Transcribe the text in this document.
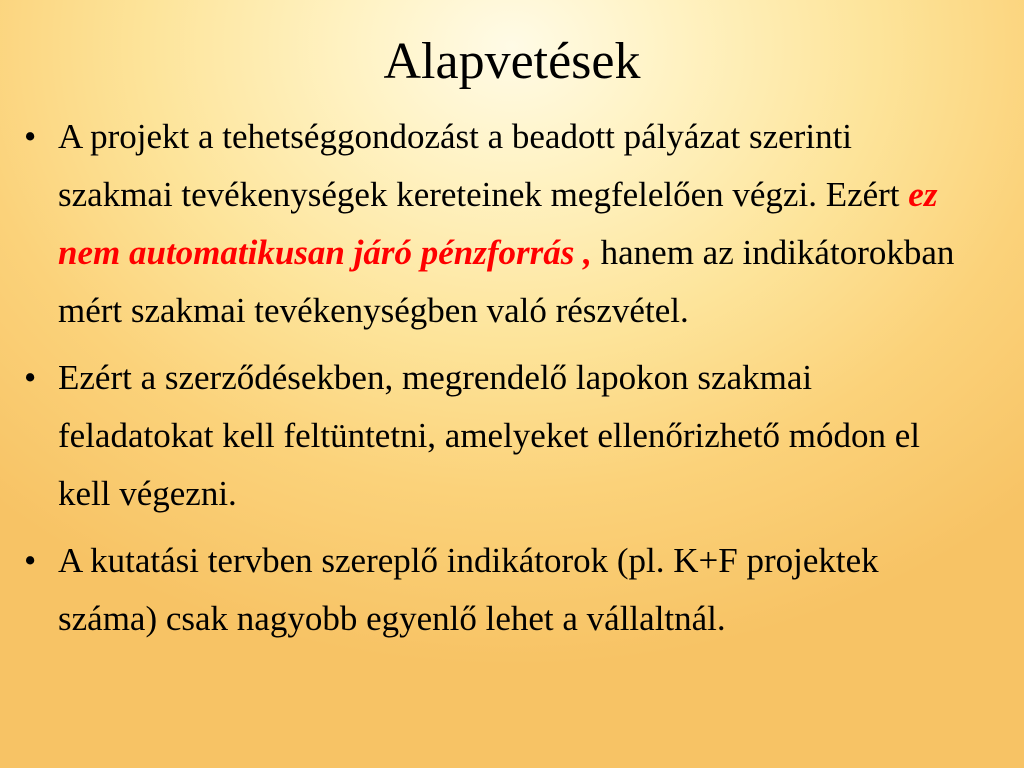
Alapvetések
• A projekt a tehetséggondozást a beadott pályázat szerinti szakmai tevékenységek kereteinek megfelelően végzi. Ezért ez nem automatikusan járó pénzforrás , hanem az indikátorokban mért szakmai tevékenységben való részvétel.
• Ezért a szerződésekben, megrendelő lapokon szakmai feladatokat kell feltüntetni, amelyeket ellenőrizhető módon el kell végezni.
• A kutatási tervben szereplő indikátorok (pl. K+F projektek száma) csak nagyobb egyenlő lehet a vállaltnál.
